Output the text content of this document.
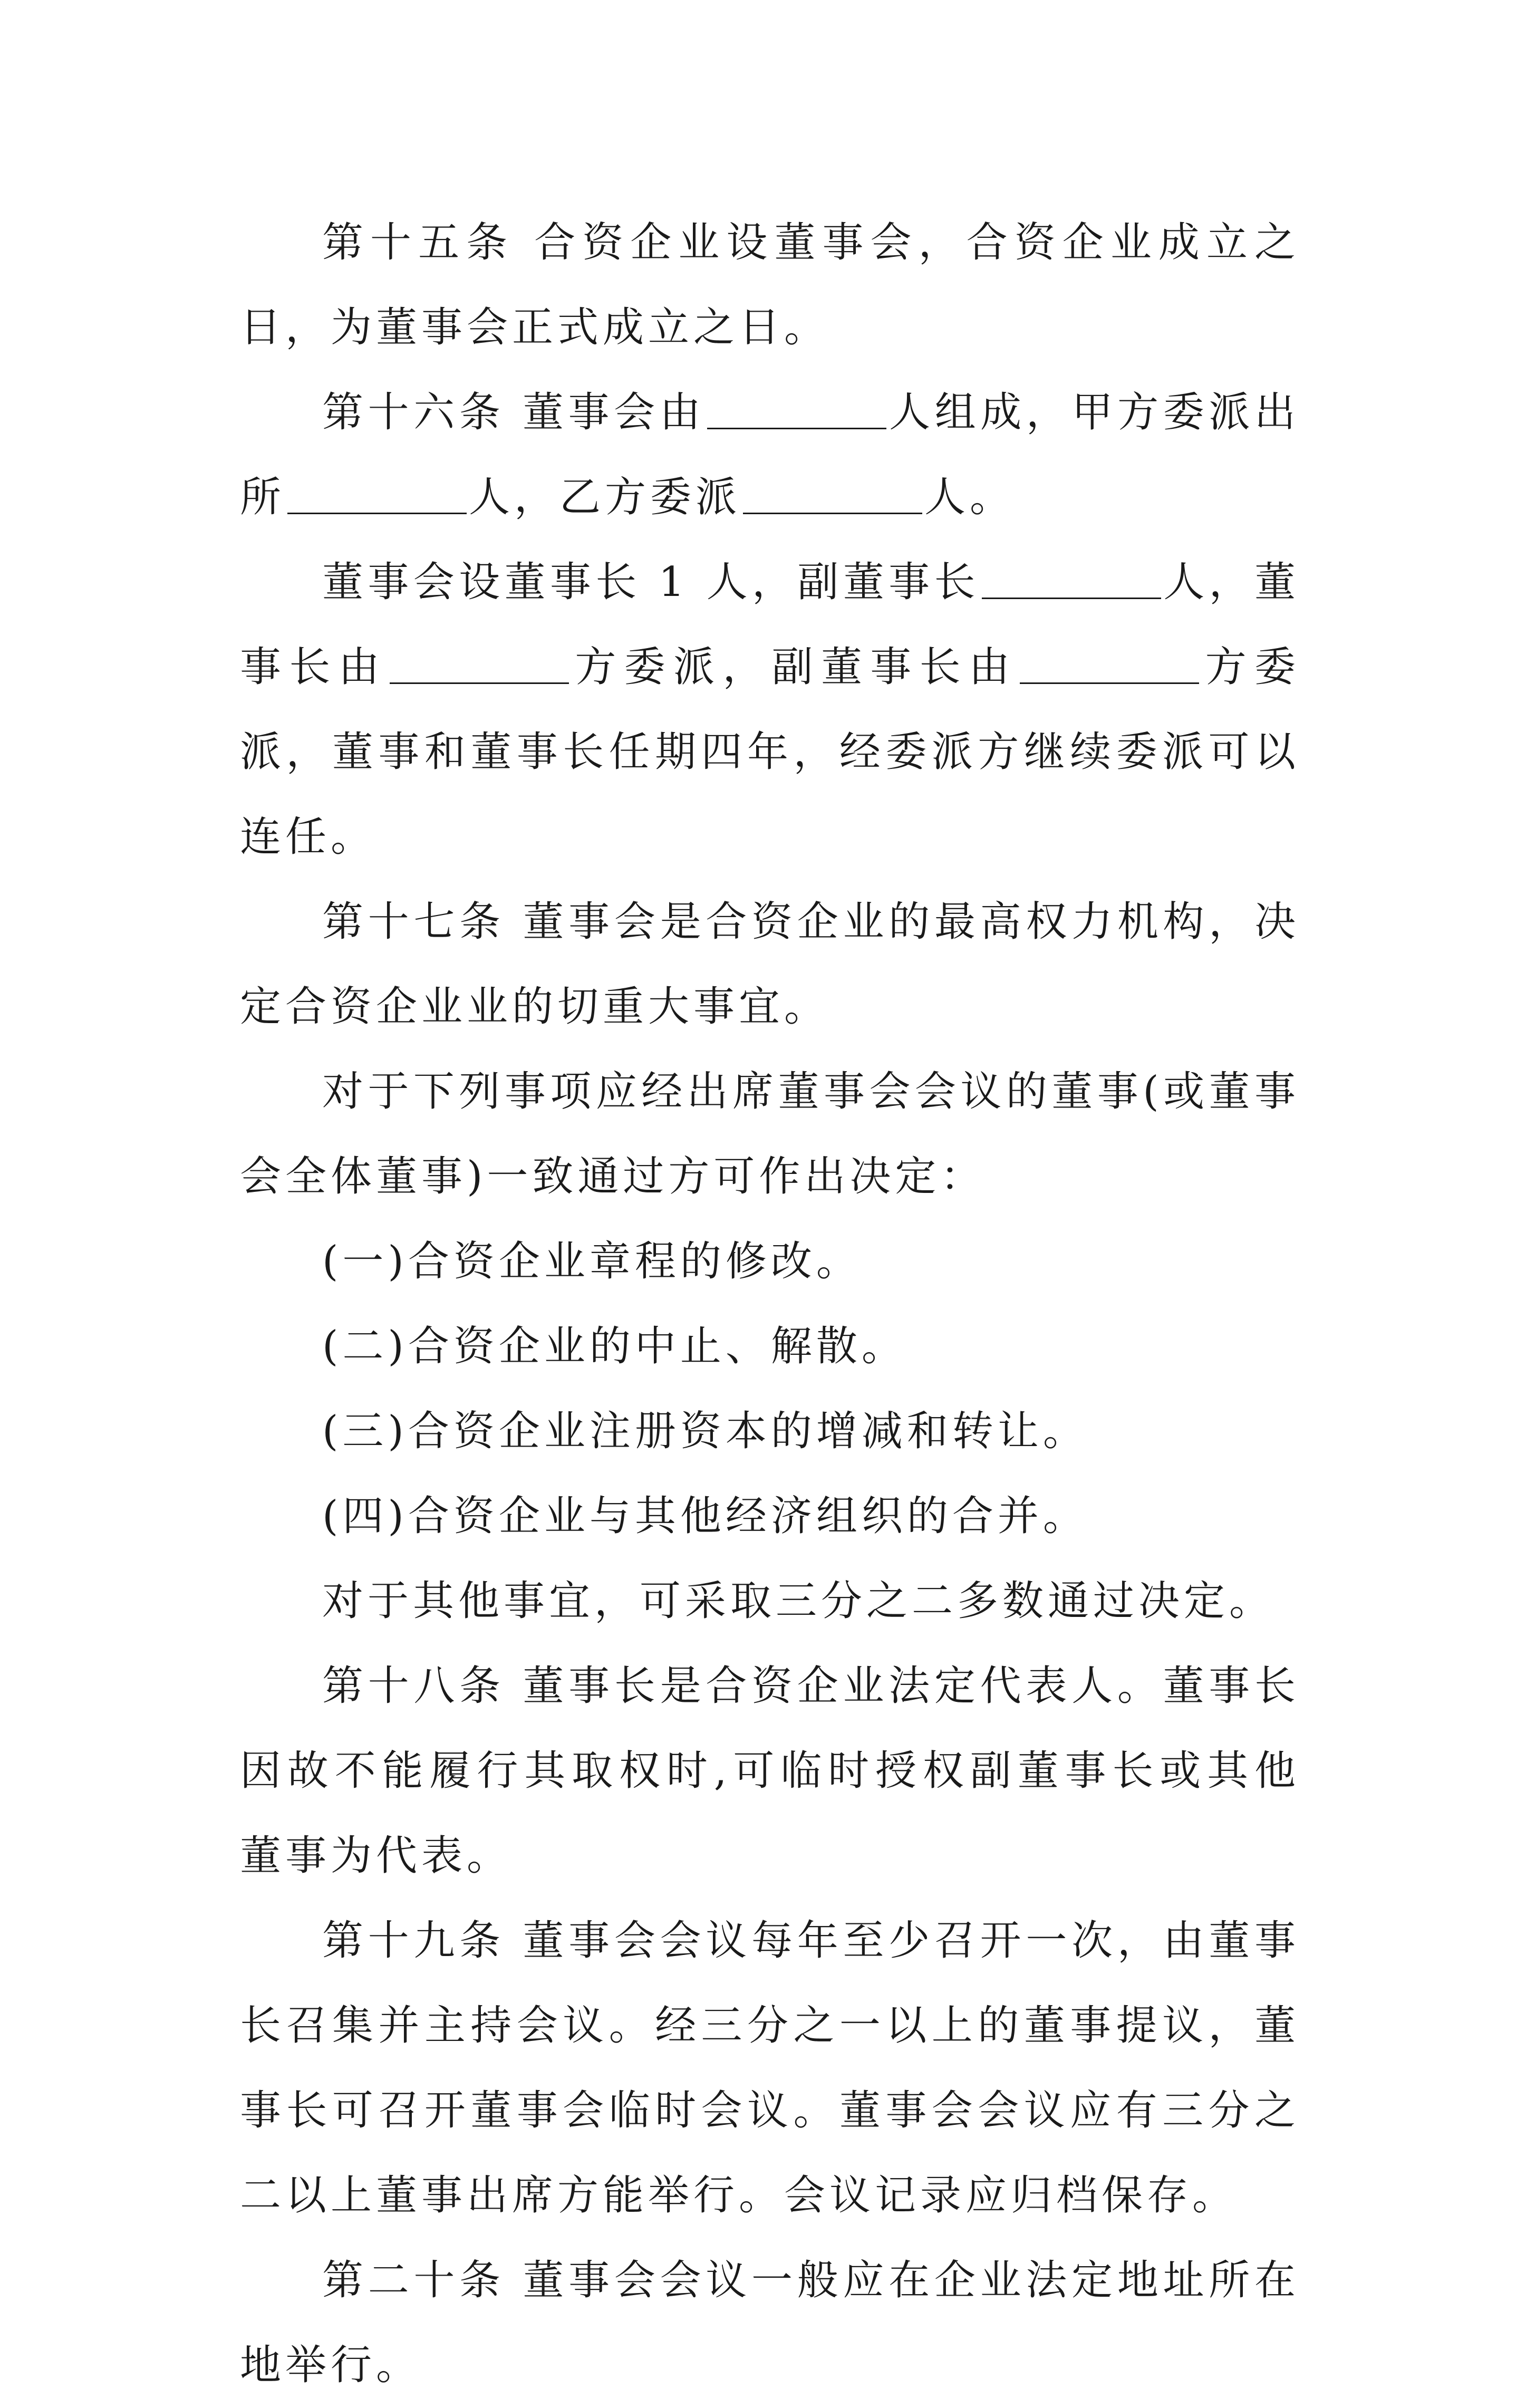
第十五条 合资企业设董事会，合资企业成立之日，为董事会正式成立之日。

第十六条 董事会由	人组成，甲方委派出所	人，乙方委派	人。

董事会设董事长 1 人，副董事长	人，董事长由	方委派，副董事长由	方委派，董事和董事长任期四年，经委派方继续委派可以连任。

第十七条 董事会是合资企业的最高权力机构，决定合资企业业的切重大事宜。

对于下列事项应经出席董事会会议的董事(或董事会全体董事)一致通过方可作出决定：

(一)合资企业章程的修改。

(二)合资企业的中止、解散。

(三)合资企业注册资本的增减和转让。

(四)合资企业与其他经济组织的合并。

对于其他事宜，可采取三分之二多数通过决定。

第十八条 董事长是合资企业法定代表人。董事长因故不能履行其取权时,可临时授权副董事长或其他董事为代表。

第十九条 董事会会议每年至少召开一次，由董事长召集并主持会议。经三分之一以上的董事提议，董事长可召开董事会临时会议。董事会会议应有三分之二以上董事出席方能举行。会议记录应归档保存。

第二十条 董事会会议一般应在企业法定地址所在地举行。
